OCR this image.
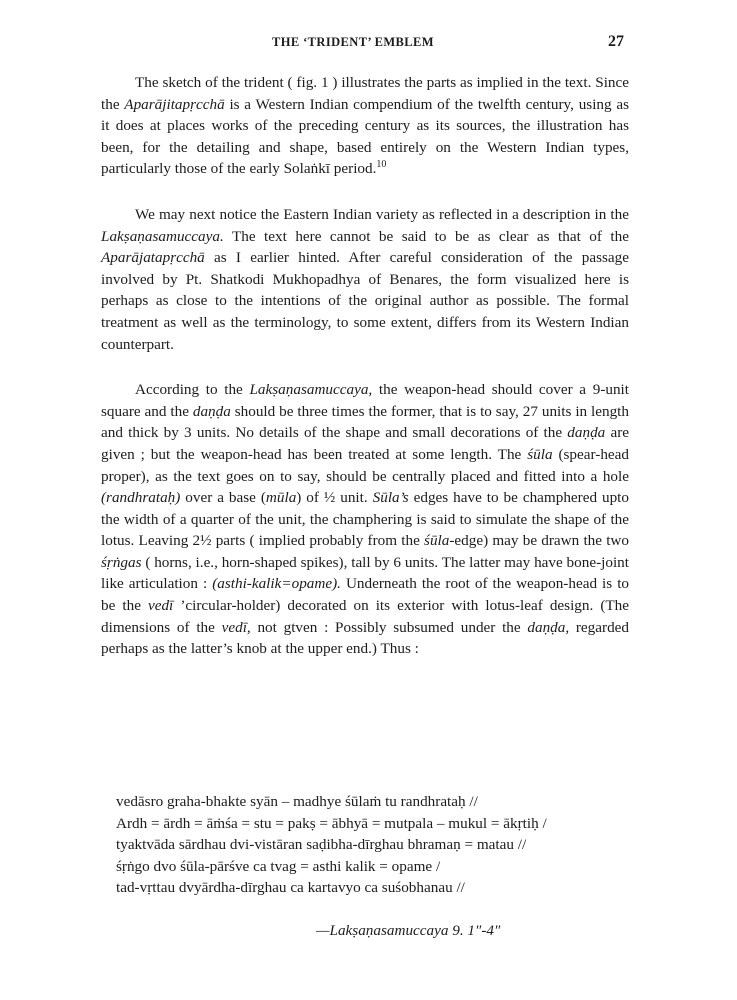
THE ‘TRIDENT’ EMBLEM	27

The sketch of the trident ( fig. 1 ) illustrates the parts as implied in the text. Since the Aparājitapṛcchā is a Western Indian compendium of the twelfth century, using as it does at places works of the preceding century as its sources, the illustration has been, for the detailing and shape, based entirely on the Western Indian types, particularly those of the early Solaṅkī period.$^{10}$

We may next notice the Eastern Indian variety as reflected in a description in the Lakṣaṇasamuccaya. The text here cannot be said to be as clear as that of the Aparājatapṛcchā as I earlier hinted. After careful consideration of the passage involved by Pt. Shatkodi Mukhopadhya of Benares, the form visualized here is perhaps as close to the intentions of the original author as possible. The formal treatment as well as the terminology, to some extent, differs from its Western Indian counterpart.

According to the Lakṣaṇasamuccaya, the weapon-head should cover a 9-unit square and the daṇḍa should be three times the former, that is to say, 27 units in length and thick by 3 units. No details of the shape and small decorations of the daṇḍa are given ; but the weapon-head has been treated at some length. The śūla (spear-head proper), as the text goes on to say, should be centrally placed and fitted into a hole (randhrataḥ) over a base (mūla) of ½ unit. Sūla’s edges have to be champhered upto the width of a quarter of the unit, the champhering is said to simulate the shape of the lotus. Leaving 2½ parts ( implied probably from the śūla-edge) may be drawn the two śṛṅgas ( horns, i.e., horn-shaped spikes), tall by 6 units. The latter may have bone-joint like articulation : (asthi-kalik=opame). Underneath the root of the weapon-head is to be the vedī ’circular-holder) decorated on its exterior with lotus-leaf design. (The dimensions of the vedī, not gtven : Possibly subsumed under the daṇḍa, regarded perhaps as the latter’s knob at the upper end.) Thus :

vedāsro graha-bhakte syān – madhye śūlaṁ tu randhrataḥ //
Ardh = ārdh = āṁśa = stu = pakṣ = ābhyā = mutpala – mukul = ākṛtiḥ /
tyaktvāda sārdhau dvi-vistāran saḍibha-dīrghau bhramaṇ = matau //
śṛṅgo dvo śūla-pārśve ca tvag = asthi kalik = opame /
tad-vṛttau dvyārdha-dīrghau ca kartavyo ca suśobhanau //
—Lakṣaṇasamuccaya 9. 1″-4″
